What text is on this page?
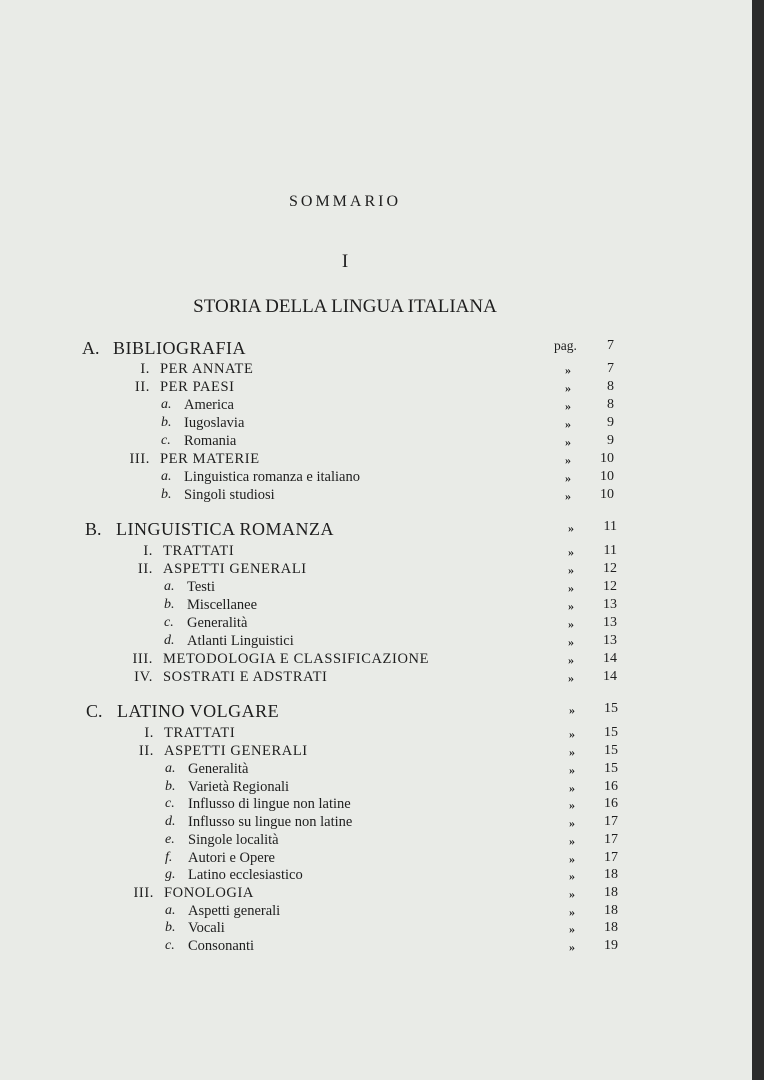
SOMMARIO
I
STORIA DELLA LINGUA ITALIANA
A. BIBLIOGRAFIA	pag.	7
I. PER ANNATE	»	7
II. PER PAESI	»	8
a. America	»	8
b. Iugoslavia	»	9
c. Romania	»	9
III. PER MATERIE	»	10
a. Linguistica romanza e italiano	»	10
b. Singoli studiosi	»	10
B. LINGUISTICA ROMANZA	»	11
I. TRATTATI	»	11
II. ASPETTI GENERALI	»	12
a. Testi	»	12
b. Miscellanee	»	13
c. Generalità	»	13
d. Atlanti Linguistici	»	13
III. METODOLOGIA E CLASSIFICAZIONE	»	14
IV. SOSTRATI E ADSTRATI	»	14
C. LATINO VOLGARE	»	15
I. TRATTATI	»	15
II. ASPETTI GENERALI	»	15
a. Generalità	»	15
b. Varietà Regionali	»	16
c. Influsso di lingue non latine	»	16
d. Influsso su lingue non latine	»	17
e. Singole località	»	17
f. Autori e Opere	»	17
g. Latino ecclesiastico	»	18
III. FONOLOGIA	»	18
a. Aspetti generali	»	18
b. Vocali	»	18
c. Consonanti	»	19
